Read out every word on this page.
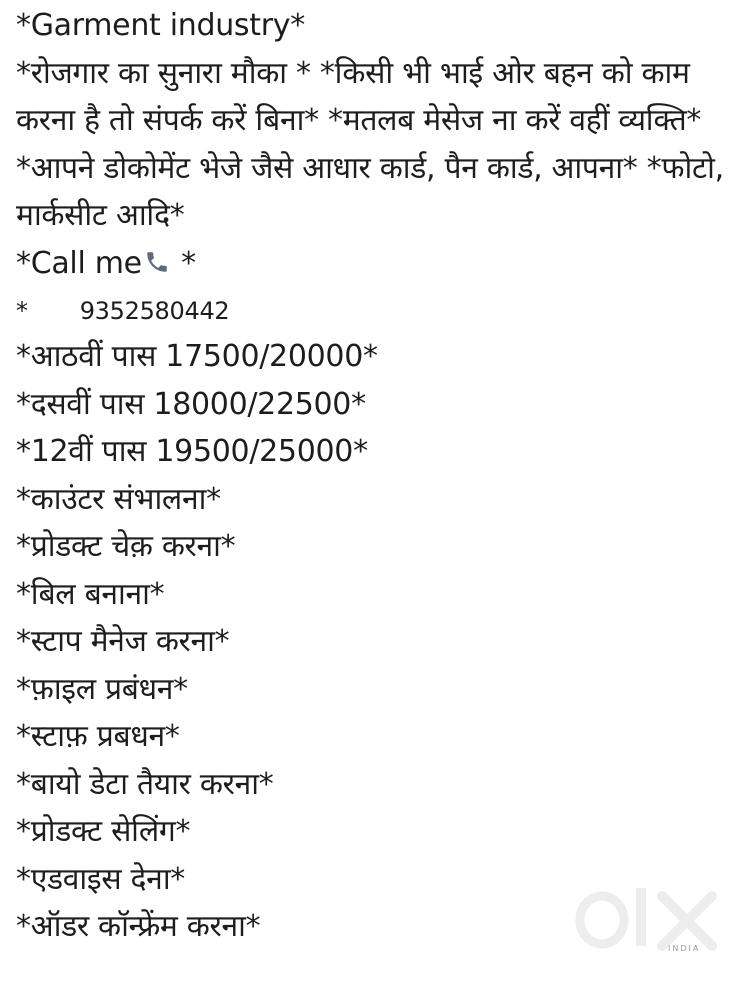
*Garment industry*
*रोजगार का सुनारा मौका * *किसी भी भाई ओर बहन को काम करना है तो संपर्क करें बिना* *मतलब मेसेज ना करें वहीं व्यक्ति*
*आपने डोकोमेंट भेजे जैसे आधार कार्ड, पैन कार्ड, आपना* *फोटो, मार्कसीट आदि*
*Call me *
* 9352580442
*आठवीं पास 17500/20000*
*दसवीं पास 18000/22500*
*12वीं पास 19500/25000*
*काउंटर संभालना*
*प्रोडक्ट चेक़ करना*
*बिल बनाना*
*स्टाप मैनेज करना*
*फ़ाइल प्रबंधन*
*स्टाफ़ प्रबधन*
*बायो डेटा तैयार करना*
*प्रोडक्ट सेलिंग*
*एडवाइस देना*
*ऑडर कॉन्फ्रेंम करना*
INDIA
